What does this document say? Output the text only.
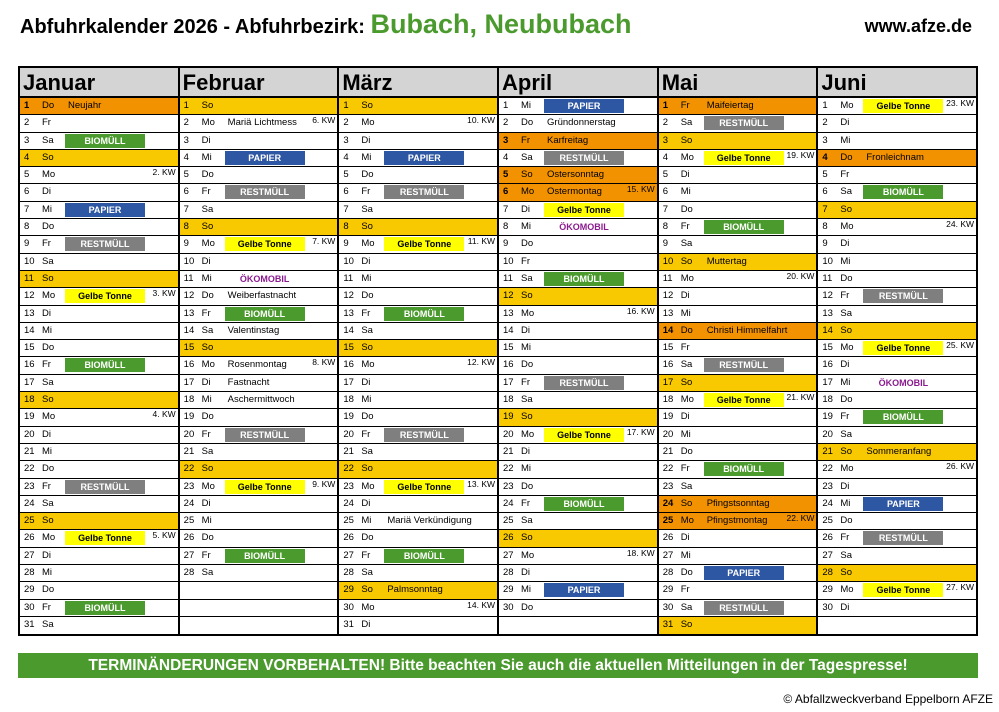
Abfuhrkalender 2026 - Abfuhrbezirk: Bubach, Neububach	www.afze.de
Januar
1 Do Neujahr
2 Fr
3 Sa	BIOMÜLL
4 So
5 Mo	2. KW
6 Di
7 Mi	PAPIER
8 Do
9 Fr	RESTMÜLL
10 Sa
11 So
12 Mo	Gelbe Tonne	3. KW
13 Di
14 Mi
15 Do
16 Fr	BIOMÜLL
17 Sa
18 So
19 Mo	4. KW
20 Di
21 Mi
22 Do
23 Fr	RESTMÜLL
24 Sa
25 So
26 Mo	Gelbe Tonne	5. KW
27 Di
28 Mi
29 Do
30 Fr	BIOMÜLL
31 Sa
Februar
1 So
2 Mo Mariä Lichtmess 6. KW
3 Di
4 Mi	PAPIER
5 Do
6 Fr	RESTMÜLL
7 Sa
8 So
9 Mo	Gelbe Tonne	7. KW
10 Di
11 Mi	ÖKOMOBIL
12 Do Weiberfastnacht
13 Fr	BIOMÜLL
14 Sa Valentinstag
15 So
16 Mo Rosenmontag	8. KW
17 Di Fastnacht
18 Mi Aschermittwoch
19 Do
20 Fr	RESTMÜLL
21 Sa
22 So
23 Mo	Gelbe Tonne	9. KW
24 Di
25 Mi
26 Do
27 Fr	BIOMÜLL
28 Sa
März
1 So
2 Mo	10. KW
3 Di
4 Mi	PAPIER
5 Do
6 Fr	RESTMÜLL
7 Sa
8 So
9 Mo	Gelbe Tonne	11. KW
10 Di
11 Mi
12 Do
13 Fr	BIOMÜLL
14 Sa
15 So
16 Mo	12. KW
17 Di
18 Mi
19 Do
20 Fr	RESTMÜLL
21 Sa
22 So
23 Mo	Gelbe Tonne	13. KW
24 Di
25 Mi Mariä Verkündigung
26 Do
27 Fr	BIOMÜLL
28 Sa
29 So Palmsonntag
30 Mo	14. KW
31 Di
April
1 Mi	PAPIER
2 Do Gründonnerstag
3 Fr Karfreitag
4 Sa	RESTMÜLL
5 So Ostersonntag
6 Mo Ostermontag	15. KW
7 Di	Gelbe Tonne
8 Mi	ÖKOMOBIL
9 Do
10 Fr
11 Sa	BIOMÜLL
12 So
13 Mo	16. KW
14 Di
15 Mi
16 Do
17 Fr	RESTMÜLL
18 Sa
19 So
20 Mo	Gelbe Tonne	17. KW
21 Di
22 Mi
23 Do
24 Fr	BIOMÜLL
25 Sa
26 So
27 Mo	18. KW
28 Di
29 Mi	PAPIER
30 Do
Mai
1 Fr Maifeiertag
2 Sa	RESTMÜLL
3 So
4 Mo	Gelbe Tonne	19. KW
5 Di
6 Mi
7 Do
8 Fr	BIOMÜLL
9 Sa
10 So Muttertag
11 Mo	20. KW
12 Di
13 Mi
14 Do Christi Himmelfahrt
15 Fr
16 Sa	RESTMÜLL
17 So
18 Mo	Gelbe Tonne	21. KW
19 Di
20 Mi
21 Do
22 Fr	BIOMÜLL
23 Sa
24 So Pfingstsonntag
25 Mo Pfingstmontag 22. KW
26 Di
27 Mi
28 Do	PAPIER
29 Fr
30 Sa	RESTMÜLL
31 So
Juni
1 Mo	Gelbe Tonne	23. KW
2 Di
3 Mi
4 Do Fronleichnam
5 Fr
6 Sa	BIOMÜLL
7 So
8 Mo	24. KW
9 Di
10 Mi
11 Do
12 Fr	RESTMÜLL
13 Sa
14 So
15 Mo	Gelbe Tonne	25. KW
16 Di
17 Mi	ÖKOMOBIL
18 Do
19 Fr	BIOMÜLL
20 Sa
21 So Sommeranfang
22 Mo	26. KW
23 Di
24 Mi	PAPIER
25 Do
26 Fr	RESTMÜLL
27 Sa
28 So
29 Mo	Gelbe Tonne	27. KW
30 Di
TERMINÄNDERUNGEN VORBEHALTEN! Bitte beachten Sie auch die aktuellen Mitteilungen in der Tagespresse!
© Abfallzweckverband Eppelborn AFZE
